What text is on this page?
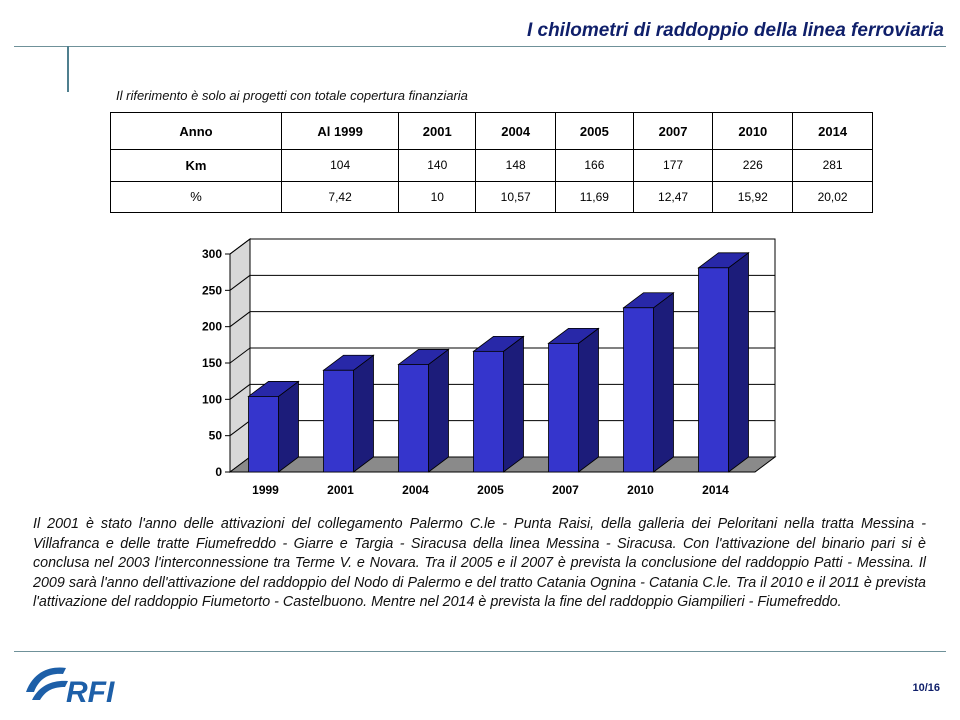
I chilometri di raddoppio della linea ferroviaria
Il riferimento è solo ai progetti con totale copertura finanziaria
Anno	Al 1999	2001	2004	2005	2007	2010	2014
Km	104	140	148	166	177	226	281
%	7,42	10	10,57	11,69	12,47	15,92	20,02
0
50
100
150
200
250
300
1999	2001	2004	2005	2007	2010	2014
Il 2001 è stato l'anno delle attivazioni del collegamento Palermo C.le - Punta Raisi, della galleria dei Peloritani nella tratta Messina - Villafranca e delle tratte Fiumefreddo - Giarre e Targia - Siracusa della linea Messina - Siracusa. Con l'attivazione del binario pari si è conclusa nel 2003 l'interconnessione tra Terme V. e Novara. Tra il 2005 e il 2007 è prevista la conclusione del raddoppio Patti - Messina. Il 2009 sarà l'anno dell'attivazione del raddoppio del Nodo di Palermo e del tratto Catania Ognina - Catania C.le. Tra il 2010 e il 2011 è prevista l'attivazione del raddoppio Fiumetorto - Castelbuono. Mentre nel 2014 è prevista la fine del raddoppio Giampilieri - Fiumefreddo.
RFI	10/16
